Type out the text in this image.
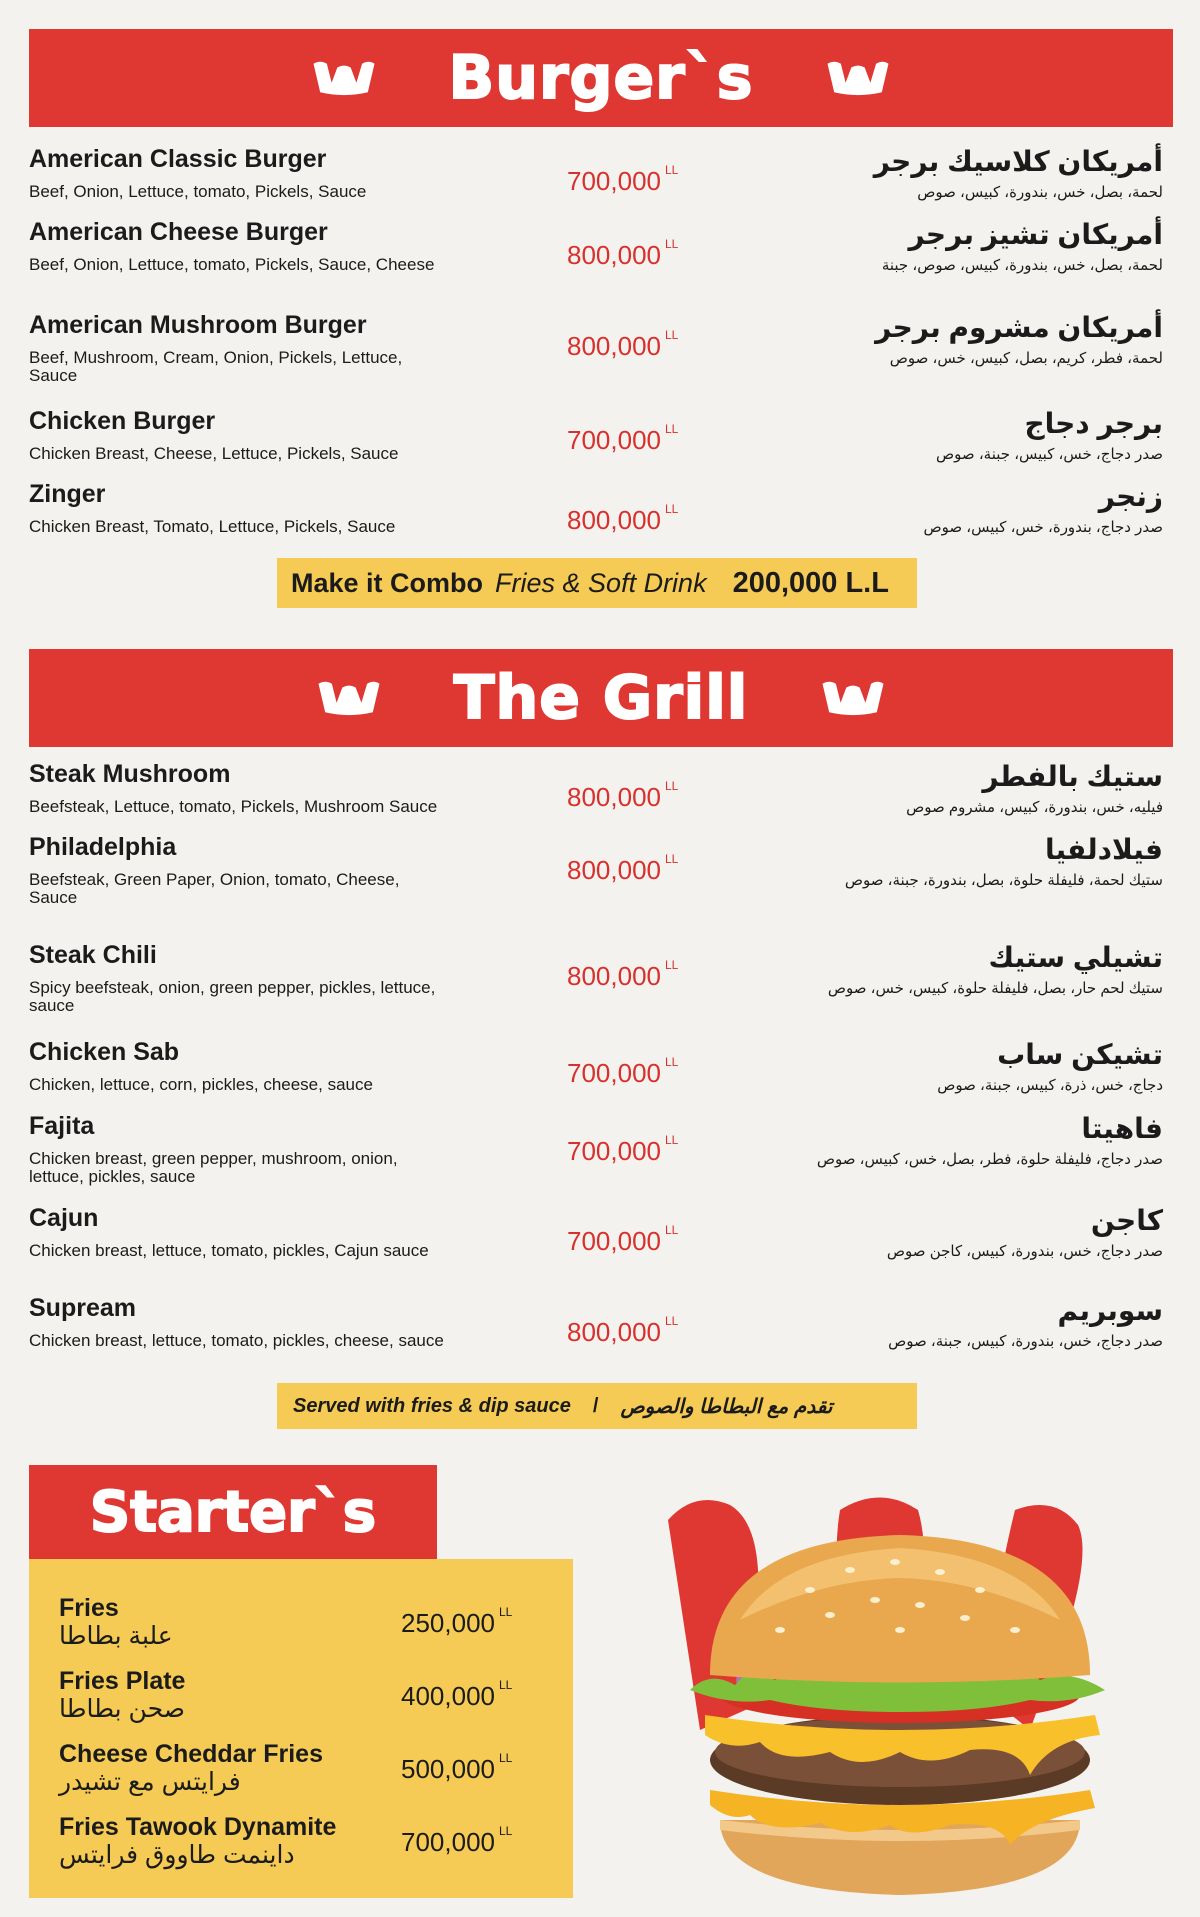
Burger`s
American Classic Burger
Beef, Onion, Lettuce, tomato, Pickels, Sauce	700,000 $^{LL}$	أمريكان كلاسيك برجر
لحمة، بصل، خس، بندورة، كبيس، صوص
American Cheese Burger
Beef, Onion, Lettuce, tomato, Pickels, Sauce, Cheese	800,000 $^{LL}$	أمريكان تشيز برجر
لحمة، بصل، خس، بندورة، كبيس، صوص، جبنة
American Mushroom Burger
Beef, Mushroom, Cream, Onion, Pickels, Lettuce, Sauce
800,000 $^{LL}$	أمريكان مشروم برجر
لحمة، فطر، كريم، بصل، كبيس، خس، صوص
Chicken Burger
Chicken Breast, Cheese, Lettuce, Pickels, Sauce	700,000 $^{LL}$	برجر دجاج
صدر دجاج، خس، كبيس، جبنة، صوص
Zinger
Chicken Breast, Tomato, Lettuce, Pickels, Sauce	800,000 $^{LL}$	زنجر
صدر دجاج، بندورة، خس، كبيس، صوص
Make it Combo Fries & Soft Drink 200,000 L.L
The Grill
Steak Mushroom
Beefsteak, Lettuce, tomato, Pickels, Mushroom Sauce	800,000 $^{LL}$	ستيك بالفطر
فيليه، خس، بندورة، كبيس، مشروم صوص
Philadelphia
Beefsteak, Green Paper, Onion, tomato, Cheese, Sauce
800,000 $^{LL}$	فيلادلفيا
ستيك لحمة، فليفلة حلوة، بصل، بندورة، جبنة، صوص
Steak Chili
Spicy beefsteak, onion, green pepper, pickles, lettuce, sauce
800,000 $^{LL}$	تشيلي ستيك
ستيك لحم حار، بصل، فليفلة حلوة، كبيس، خس، صوص
Chicken Sab
Chicken, lettuce, corn, pickles, cheese, sauce	700,000 $^{LL}$	تشيكن ساب
دجاج، خس، ذرة، كبيس، جبنة، صوص
Fajita
Chicken breast, green pepper, mushroom, onion, lettuce, pickles, sauce
700,000 $^{LL}$	فاهيتا
صدر دجاج، فليفلة حلوة، فطر، بصل، خس، كبيس، صوص
Cajun
Chicken breast, lettuce, tomato, pickles, Cajun sauce	700,000 $^{LL}$	كاجن
صدر دجاج، خس، بندورة، كبيس، كاجن صوص
Supream
Chicken breast, lettuce, tomato, pickles, cheese, sauce	800,000 $^{LL}$	سوبريم
صدر دجاج، خس، بندورة، كبيس، جبنة، صوص
Served with fries & dip sauce / تقدم مع البطاطا والصوص
Starter`s
Fries
علبة بطاطا	250,000 $^{LL}$
Fries Plate
صحن بطاطا	400,000 $^{LL}$
Cheese Cheddar Fries
فرايتس مع تشيدر	500,000 $^{LL}$
Fries Tawook Dynamite
داينمت طاووق فرايتس	700,000 $^{LL}$
